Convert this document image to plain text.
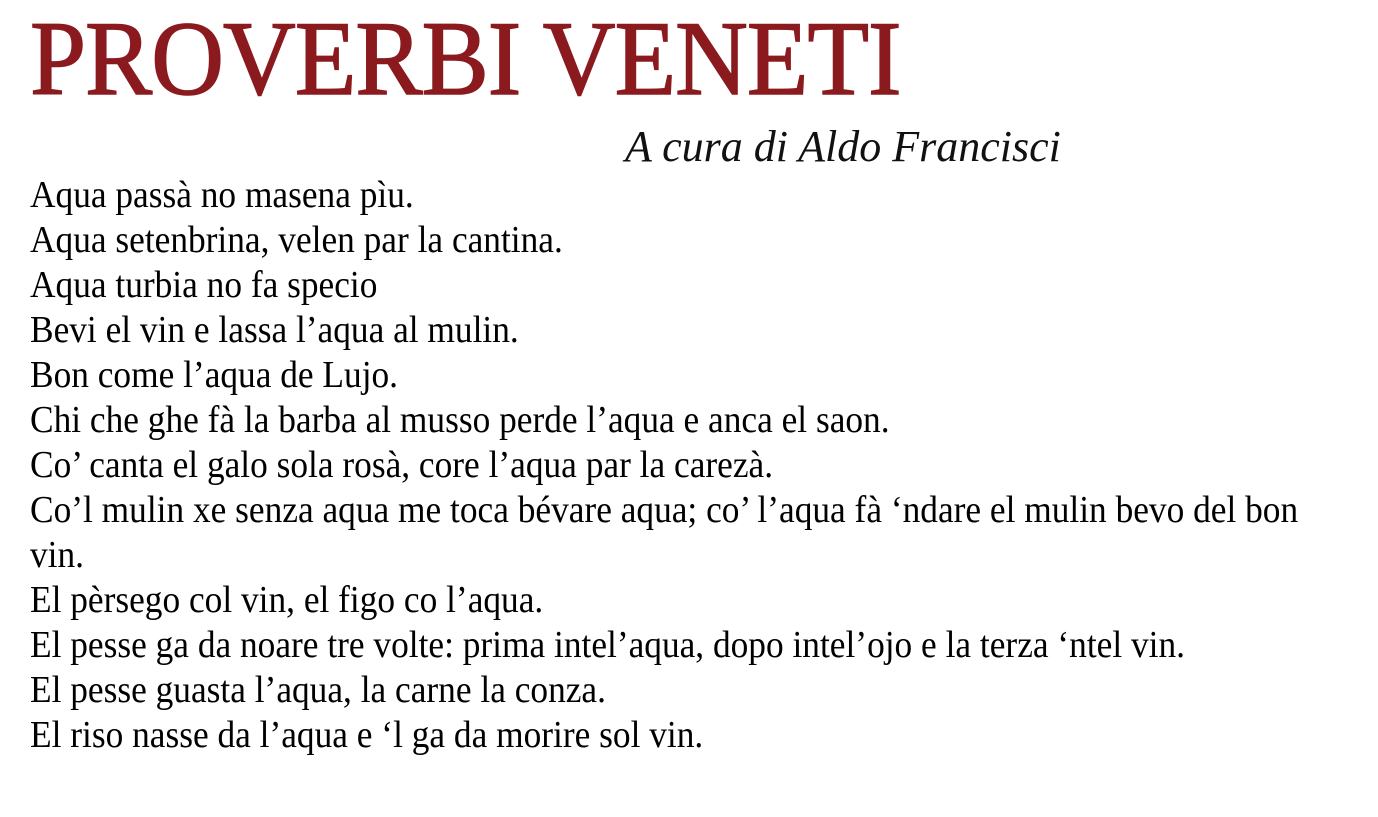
PROVERBI VENETI

A cura di Aldo Francisci

Aqua passà no masena pìu.
Aqua setenbrina, velen par la cantina.
Aqua turbia no fa specio
Bevi el vin e lassa l’aqua al mulin.
Bon come l’aqua de Lujo.
Chi che ghe fà la barba al musso perde l’aqua e anca el saon.
Co’ canta el galo sola rosà, core l’aqua par la carezà.
Co’l mulin xe senza aqua me toca bévare aqua; co’ l’aqua fà ‘ndare el mulin bevo del bon vin.
El pèrsego col vin, el figo co l’aqua.
El pesse ga da noare tre volte: prima intel’aqua, dopo intel’ojo e la terza ‘ntel vin.
El pesse guasta l’aqua, la carne la conza.
El riso nasse da l’aqua e ‘l ga da morire sol vin.
